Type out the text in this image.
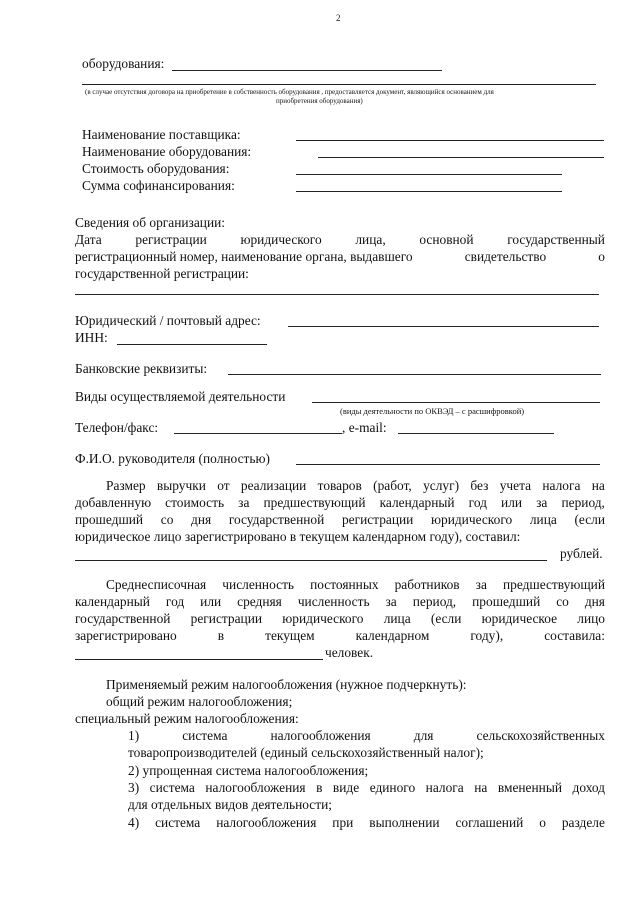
2
оборудования:
(в случае отсутствия договора на приобретение в собственность оборудования , предоставляется документ, являющийся основанием для
приобретения оборудования)
Наименование поставщика:
Наименование оборудования:
Стоимость оборудования:
Сумма софинансирования:
Сведения об организации:
Дата	регистрации	юридического	лица,	основной	государственный
регистрационный номер, наименование органа, выдавшего	свидетельство	о
государственной регистрации:
Юридический / почтовый адрес:
ИНН:
Банковские реквизиты:
Виды осуществляемой деятельности
(виды деятельности по ОКВЭД – с расшифровкой)
Телефон/факс:	, e-mail:
Ф.И.О. руководителя (полностью)
Размер выручки от реализации товаров (работ, услуг) без учета налога на
добавленную стоимость за предшествующий календарный год или за период,
прошедший со дня государственной регистрации юридического лица (если
юридическое лицо зарегистрировано в текущем календарном году), составил:
рублей.
Среднесписочная численность постоянных работников за предшествующий
календарный год или средняя численность за период, прошедший со дня
государственной регистрации юридического лица (если юридическое лицо
зарегистрировано	в	текущем	календарном	году),	составила:
человек.
Применяемый режим налогообложения (нужное подчеркнуть):
общий режим налогообложения;
специальный режим налогообложения:
1)	система	налогообложения	для	сельскохозяйственных
товаропроизводителей (единый сельскохозяйственный налог);
2) упрощенная система налогообложения;
3) система налогообложения в виде единого налога на вмененный доход
для отдельных видов деятельности;
4) система налогообложения при выполнении соглашений о разделе
